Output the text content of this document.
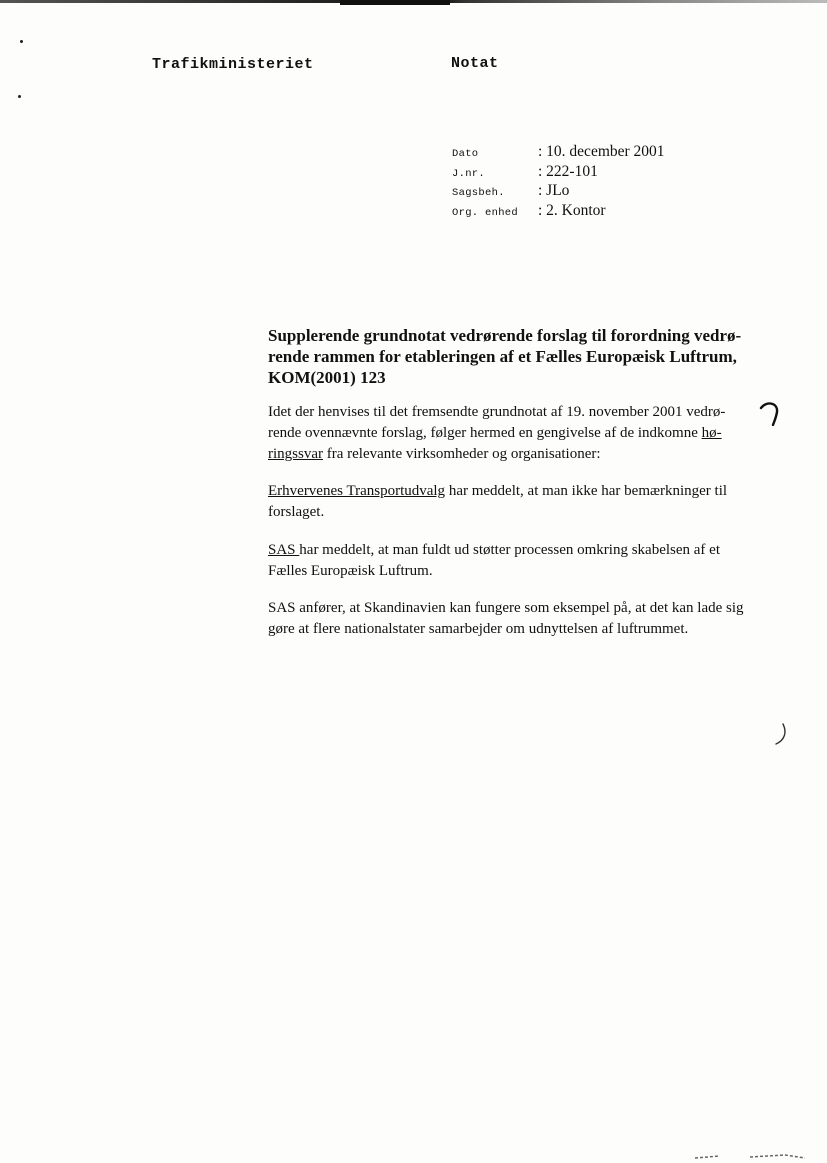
Trafikministeriet	Notat
Dato	: 10. december 2001
J.nr.	: 222-101
Sagsbeh.	: JLo
Org. enhed	: 2. Kontor
Supplerende grundnotat vedrørende forslag til forordning vedrø-rende rammen for etableringen af et Fælles Europæisk Luftrum, KOM(2001) 123
Idet der henvises til det fremsendte grundnotat af 19. november 2001 vedrø-
rende ovennævnte forslag, følger hermed en gengivelse af de indkomne hø-
ringssvar fra relevante virksomheder og organisationer:
Erhvervenes Transportudvalg har meddelt, at man ikke har bemærkninger til forslaget.
SAS har meddelt, at man fuldt ud støtter processen omkring skabelsen af et Fælles Europæisk Luftrum.
SAS anfører, at Skandinavien kan fungere som eksempel på, at det kan lade sig gøre at flere nationalstater samarbejder om udnyttelsen af luftrummet.
